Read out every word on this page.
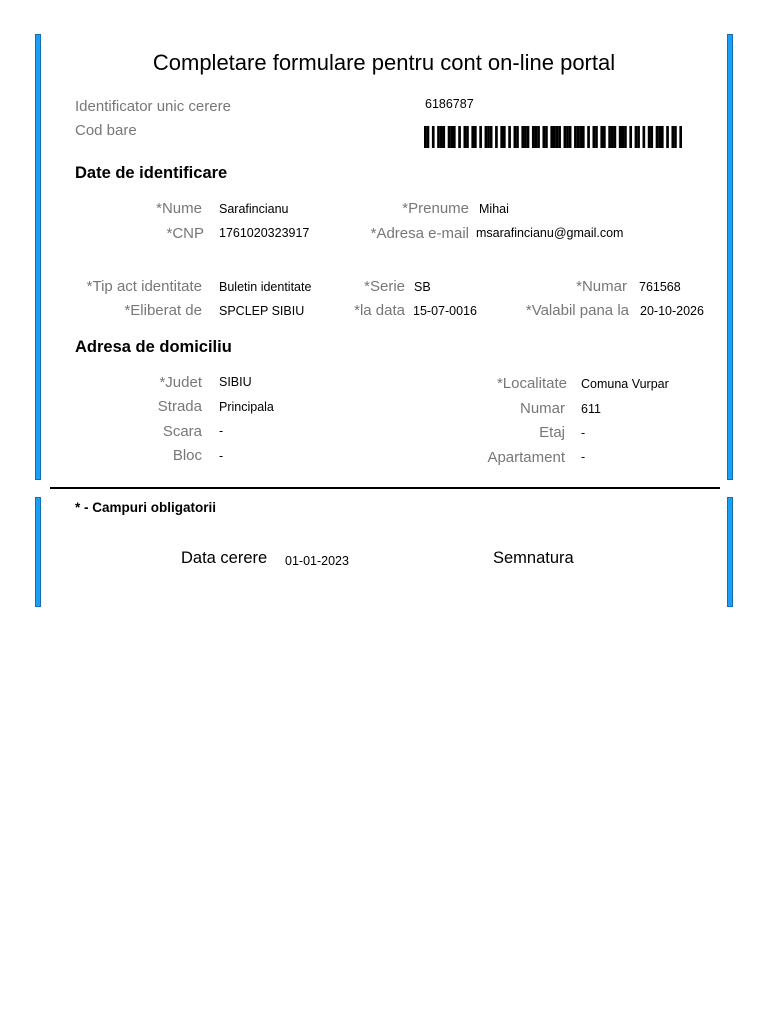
Completare formulare pentru cont on-line portal
Identificator unic cerere	6186787
Cod bare
Date de identificare
*Nume Sarafincianu	*Prenume Mihai
*CNP 1761020323917	*Adresa e-mail msarafincianu@gmail.com
*Tip act identitate Buletin identitate	*Serie SB	*Numar 761568
*Eliberat de SPCLEP SIBIU	*la data 15-07-0016	*Valabil pana la 20-10-2026
Adresa de domiciliu
*Judet SIBIU	*Localitate Comuna Vurpar
Strada Principala	Numar 611
Scara -	Etaj -
Bloc -	Apartament -
* - Campuri obligatorii
Data cerere 01-01-2023	Semnatura
